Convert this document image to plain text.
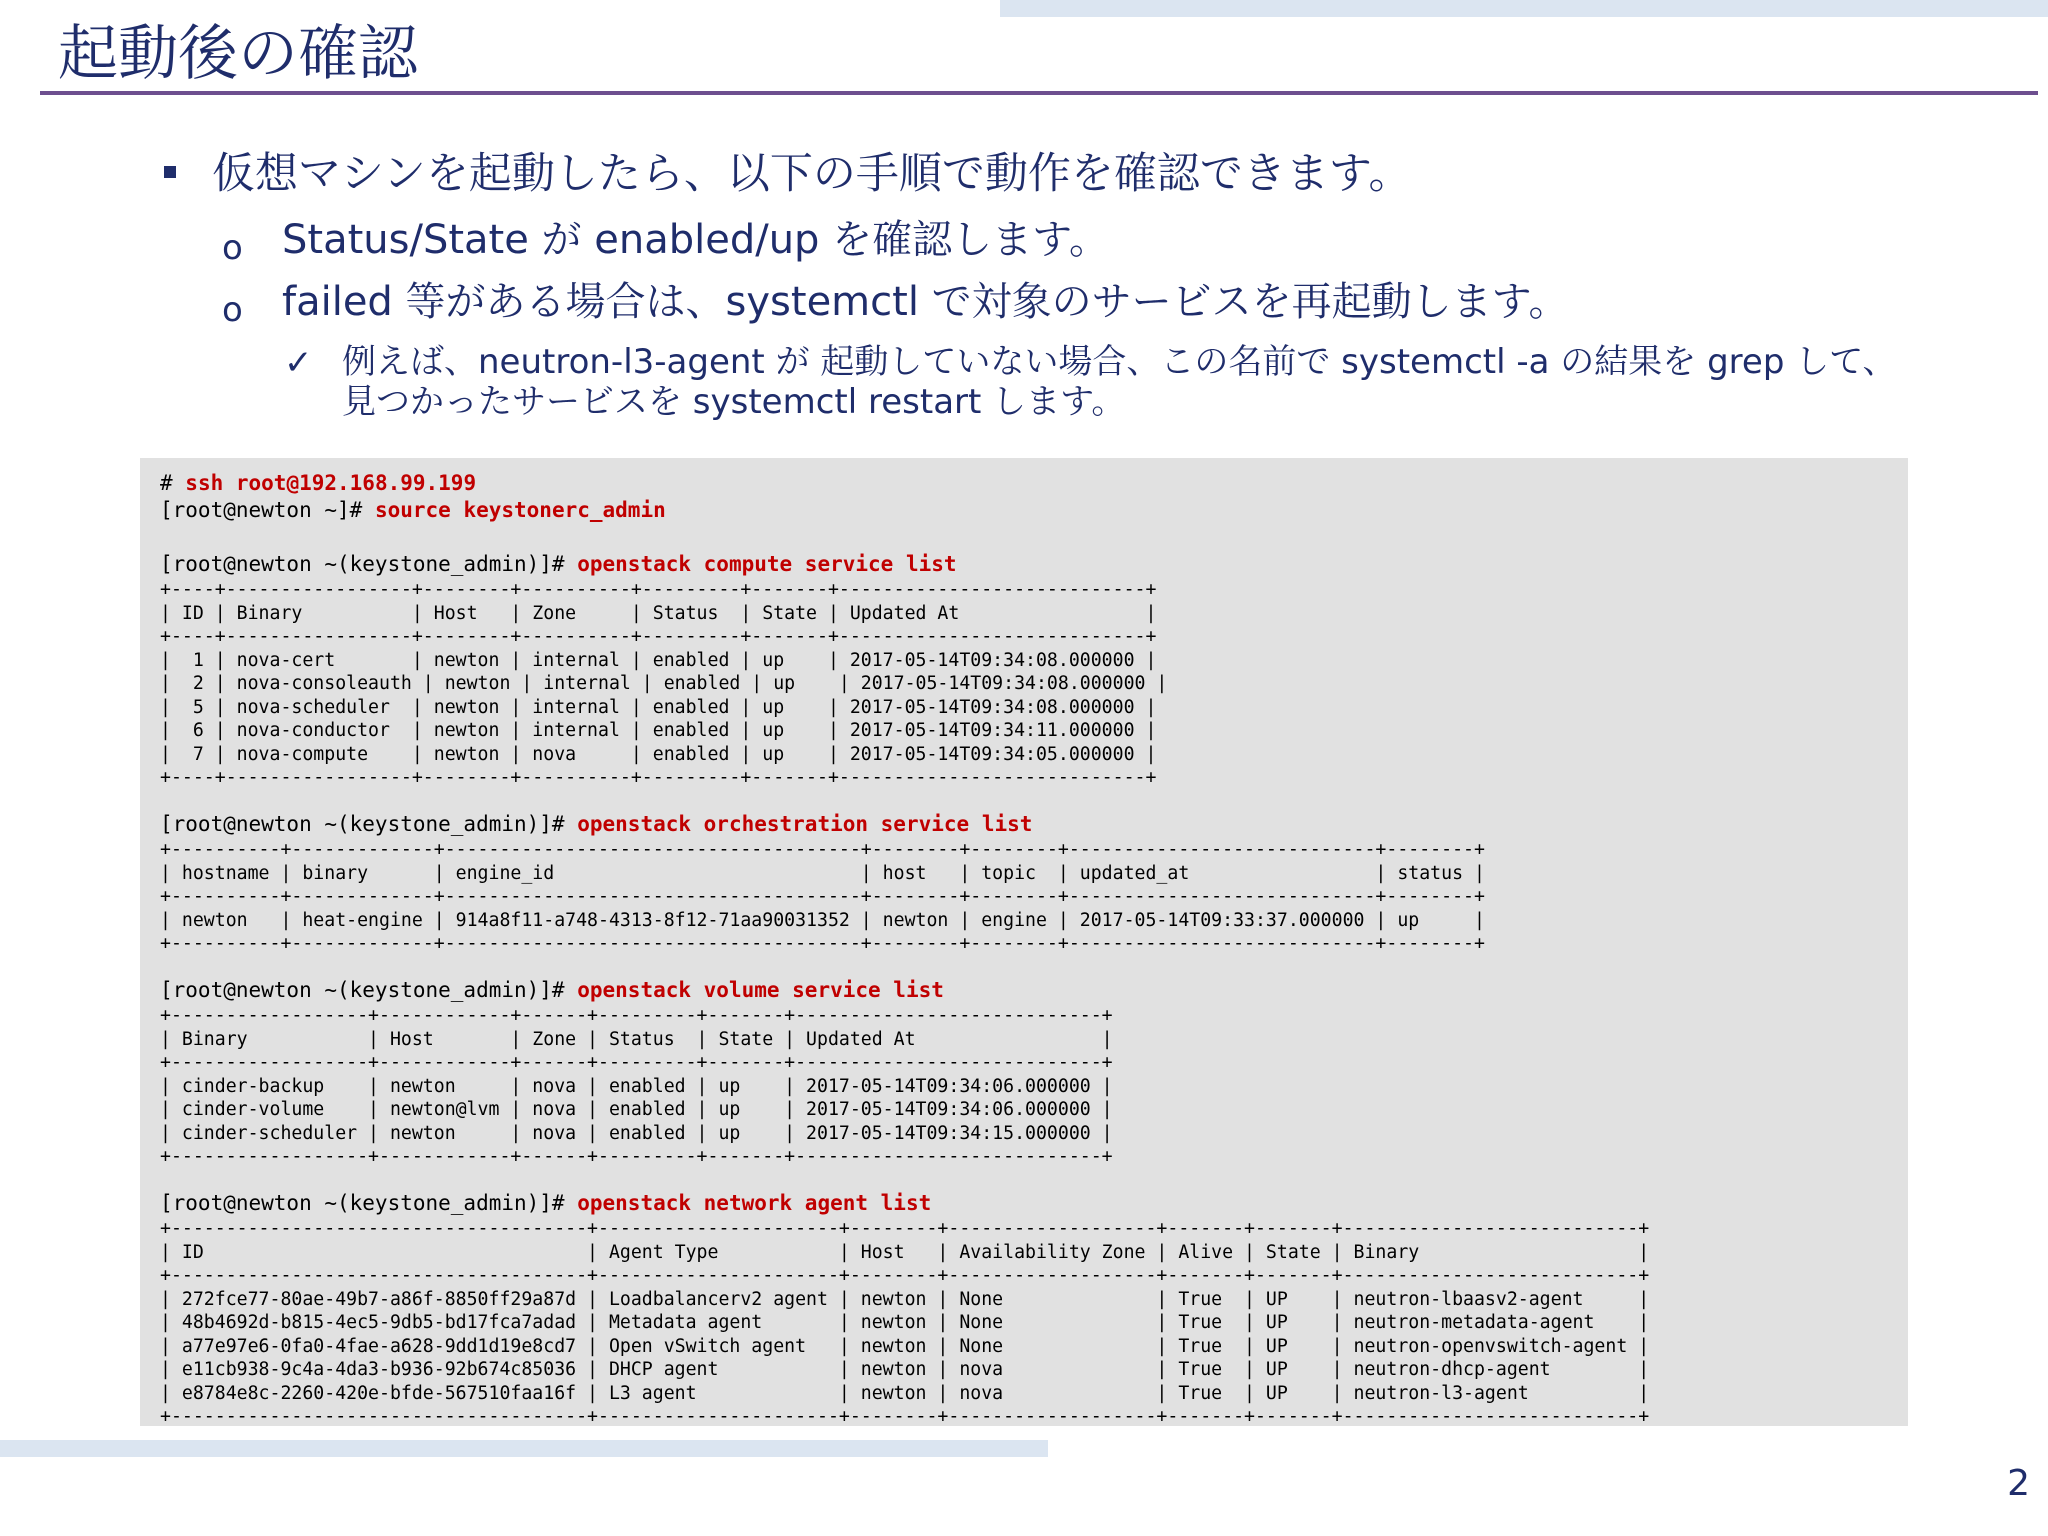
起動後の確認
仮想マシンを起動したら、以下の手順で動作を確認できます。
o Status/State が enabled/up を確認します。
o failed 等がある場合は、systemctl で対象のサービスを再起動します。
✓ 例えば、neutron-l3-agent が 起動していない場合、この名前で systemctl -a の結果を grep して、
見つかったサービスを systemctl restart します。
# ssh root@192.168.99.199
[root@newton ~]# source keystonerc_admin
[root@newton ~(keystone_admin)]# openstack compute service list
+----+-----------------+--------+----------+---------+-------+----------------------------+
| ID | Binary          | Host   | Zone     | Status  | State | Updated At                 |
+----+-----------------+--------+----------+---------+-------+----------------------------+
|  1 | nova-cert       | newton | internal | enabled | up    | 2017-05-14T09:34:08.000000 |
|  2 | nova-consoleauth | newton | internal | enabled | up    | 2017-05-14T09:34:08.000000 |
|  5 | nova-scheduler  | newton | internal | enabled | up    | 2017-05-14T09:34:08.000000 |
|  6 | nova-conductor  | newton | internal | enabled | up    | 2017-05-14T09:34:11.000000 |
|  7 | nova-compute    | newton | nova     | enabled | up    | 2017-05-14T09:34:05.000000 |
+----+-----------------+--------+----------+---------+-------+----------------------------+
[root@newton ~(keystone_admin)]# openstack orchestration service list
+----------+-------------+--------------------------------------+--------+--------+----------------------------+--------+
| hostname | binary      | engine_id                            | host   | topic  | updated_at                 | status |
+----------+-------------+--------------------------------------+--------+--------+----------------------------+--------+
| newton   | heat-engine | 914a8f11-a748-4313-8f12-71aa90031352 | newton | engine | 2017-05-14T09:33:37.000000 | up     |
+----------+-------------+--------------------------------------+--------+--------+----------------------------+--------+
[root@newton ~(keystone_admin)]# openstack volume service list
+------------------+------------+------+---------+-------+----------------------------+
| Binary           | Host       | Zone | Status  | State | Updated At                 |
+------------------+------------+------+---------+-------+----------------------------+
| cinder-backup    | newton     | nova | enabled | up    | 2017-05-14T09:34:06.000000 |
| cinder-volume    | newton@lvm | nova | enabled | up    | 2017-05-14T09:34:06.000000 |
| cinder-scheduler | newton     | nova | enabled | up    | 2017-05-14T09:34:15.000000 |
+------------------+------------+------+---------+-------+----------------------------+
[root@newton ~(keystone_admin)]# openstack network agent list
+--------------------------------------+----------------------+--------+-------------------+-------+-------+---------------------------+
| ID                                   | Agent Type           | Host   | Availability Zone | Alive | State | Binary                    |
+--------------------------------------+----------------------+--------+-------------------+-------+-------+---------------------------+
| 272fce77-80ae-49b7-a86f-8850ff29a87d | Loadbalancerv2 agent | newton | None              | True  | UP    | neutron-lbaasv2-agent     |
| 48b4692d-b815-4ec5-9db5-bd17fca7adad | Metadata agent       | newton | None              | True  | UP    | neutron-metadata-agent    |
| a77e97e6-0fa0-4fae-a628-9dd1d19e8cd7 | Open vSwitch agent   | newton | None              | True  | UP    | neutron-openvswitch-agent |
| e11cb938-9c4a-4da3-b936-92b674c85036 | DHCP agent           | newton | nova              | True  | UP    | neutron-dhcp-agent        |
| e8784e8c-2260-420e-bfde-567510faa16f | L3 agent             | newton | nova              | True  | UP    | neutron-l3-agent          |
+--------------------------------------+----------------------+--------+-------------------+-------+-------+---------------------------+
2
